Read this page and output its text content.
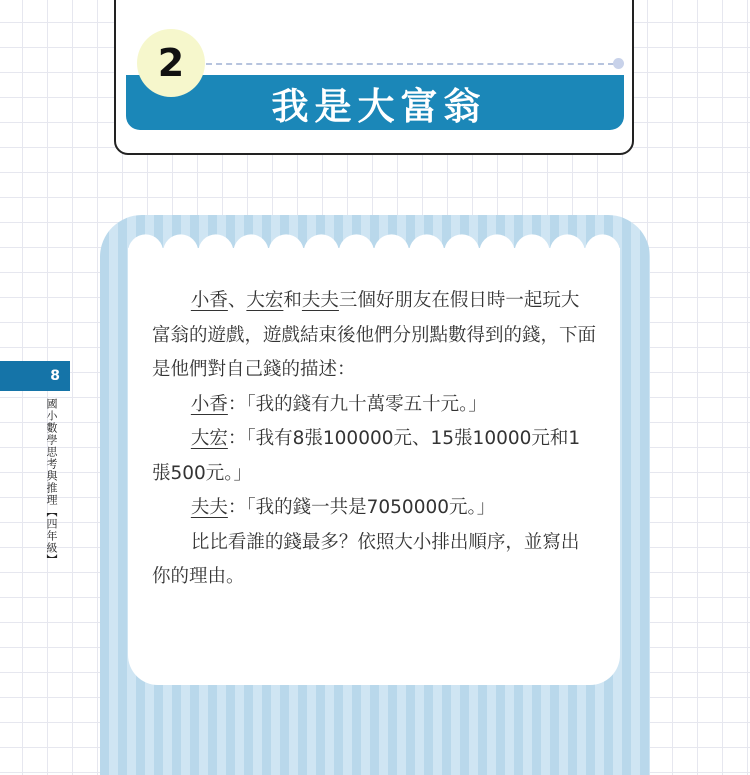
我是大富翁
2
8
國小數學思考與推理【四年級】

小香、大宏和夫夫三個好朋友在假日時一起玩大富翁的遊戲，遊戲結束後他們分別點數得到的錢，下面是他們對自己錢的描述：

小香：「我的錢有九十萬零五十元。」

大宏：「我有8張100000元、15張10000元和1張500元。」

夫夫：「我的錢一共是7050000元。」

比比看誰的錢最多？依照大小排出順序，並寫出你的理由。
